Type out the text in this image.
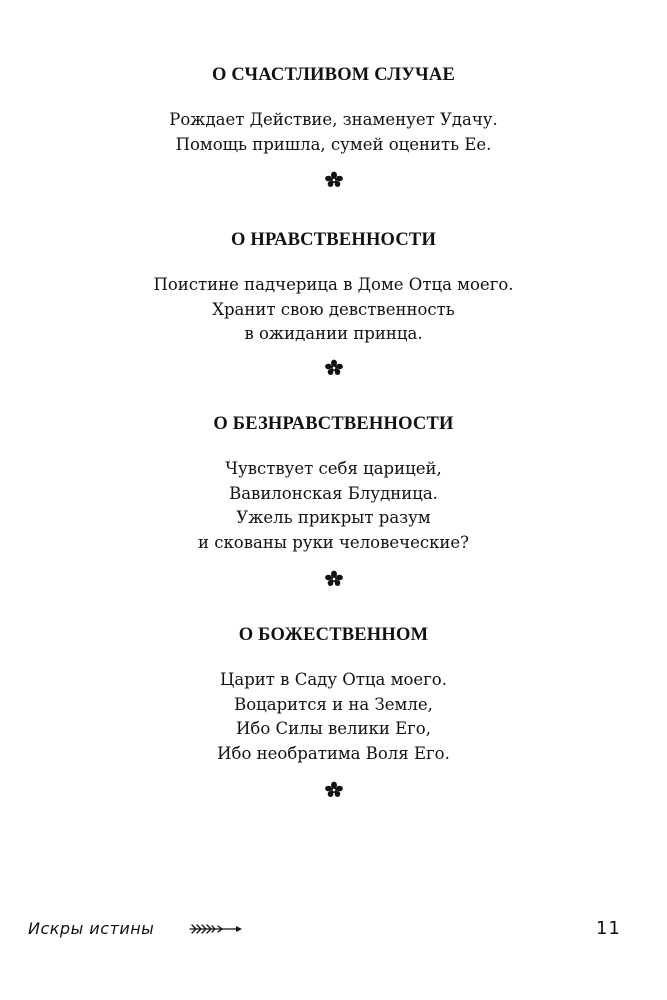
О СЧАСТЛИВОМ СЛУЧАЕ
Рождает Действие, знаменует Удачу.
Помощь пришла, сумей оценить Ее.
О НРАВСТВЕННОСТИ
Поистине падчерица в Доме Отца моего.
Хранит свою девственность
в ожидании принца.
О БЕЗНРАВСТВЕННОСТИ
Чувствует себя царицей,
Вавилонская Блудница.
Ужель прикрыт разум
и скованы руки человеческие?
О БОЖЕСТВЕННОМ
Царит в Саду Отца моего.
Воцарится и на Земле,
Ибо Силы велики Его,
Ибо необратима Воля Его.
Искры истины	11
